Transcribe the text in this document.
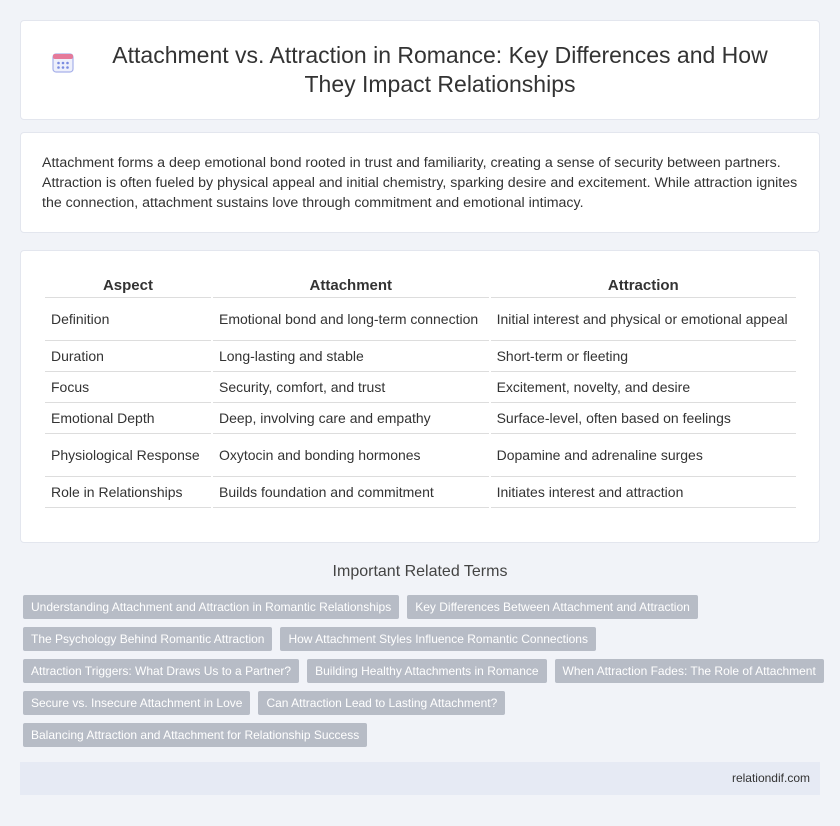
Attachment vs. Attraction in Romance: Key Differences and How They Impact Relationships

Attachment forms a deep emotional bond rooted in trust and familiarity, creating a sense of security between partners. Attraction is often fueled by physical appeal and initial chemistry, sparking desire and excitement. While attraction ignites the connection, attachment sustains love through commitment and emotional intimacy.

Aspect	Attachment	Attraction
Definition	Emotional bond and long-term connection	Initial interest and physical or emotional appeal
Duration	Long-lasting and stable	Short-term or fleeting
Focus	Security, comfort, and trust	Excitement, novelty, and desire
Emotional Depth	Deep, involving care and empathy	Surface-level, often based on feelings
Physiological Response	Oxytocin and bonding hormones	Dopamine and adrenaline surges
Role in Relationships	Builds foundation and commitment	Initiates interest and attraction
Important Related Terms
Understanding Attachment and Attraction in Romantic Relationships	Key Differences Between Attachment and Attraction
The Psychology Behind Romantic Attraction	How Attachment Styles Influence Romantic Connections
Attraction Triggers: What Draws Us to a Partner?	Building Healthy Attachments in Romance	When Attraction Fades: The Role of Attachment
Secure vs. Insecure Attachment in Love	Can Attraction Lead to Lasting Attachment?
Balancing Attraction and Attachment for Relationship Success
relationdif.com
